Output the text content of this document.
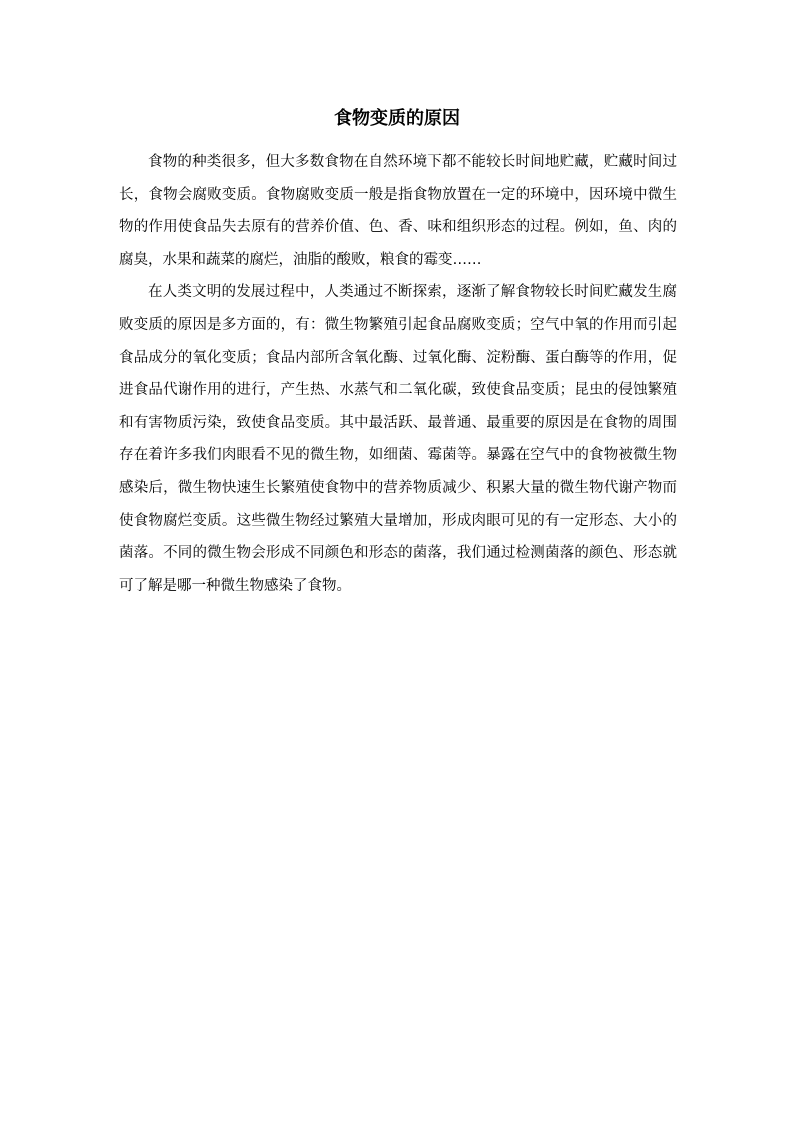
食物变质的原因

食物的种类很多，但大多数食物在自然环境下都不能较长时间地贮藏，贮藏时间过长，食物会腐败变质。食物腐败变质一般是指食物放置在一定的环境中，因环境中微生物的作用使食品失去原有的营养价值、色、香、味和组织形态的过程。例如，鱼、肉的腐臭，水果和蔬菜的腐烂，油脂的酸败，粮食的霉变……

在人类文明的发展过程中，人类通过不断探索，逐渐了解食物较长时间贮藏发生腐败变质的原因是多方面的，有：微生物繁殖引起食品腐败变质；空气中氧的作用而引起食品成分的氧化变质；食品内部所含氧化酶、过氧化酶、淀粉酶、蛋白酶等的作用，促进食品代谢作用的进行，产生热、水蒸气和二氧化碳，致使食品变质；昆虫的侵蚀繁殖和有害物质污染，致使食品变质。其中最活跃、最普通、最重要的原因是在食物的周围存在着许多我们肉眼看不见的微生物，如细菌、霉菌等。暴露在空气中的食物被微生物感染后，微生物快速生长繁殖使食物中的营养物质减少、积累大量的微生物代谢产物而使食物腐烂变质。这些微生物经过繁殖大量增加，形成肉眼可见的有一定形态、大小的菌落。不同的微生物会形成不同颜色和形态的菌落，我们通过检测菌落的颜色、形态就可了解是哪一种微生物感染了食物。
